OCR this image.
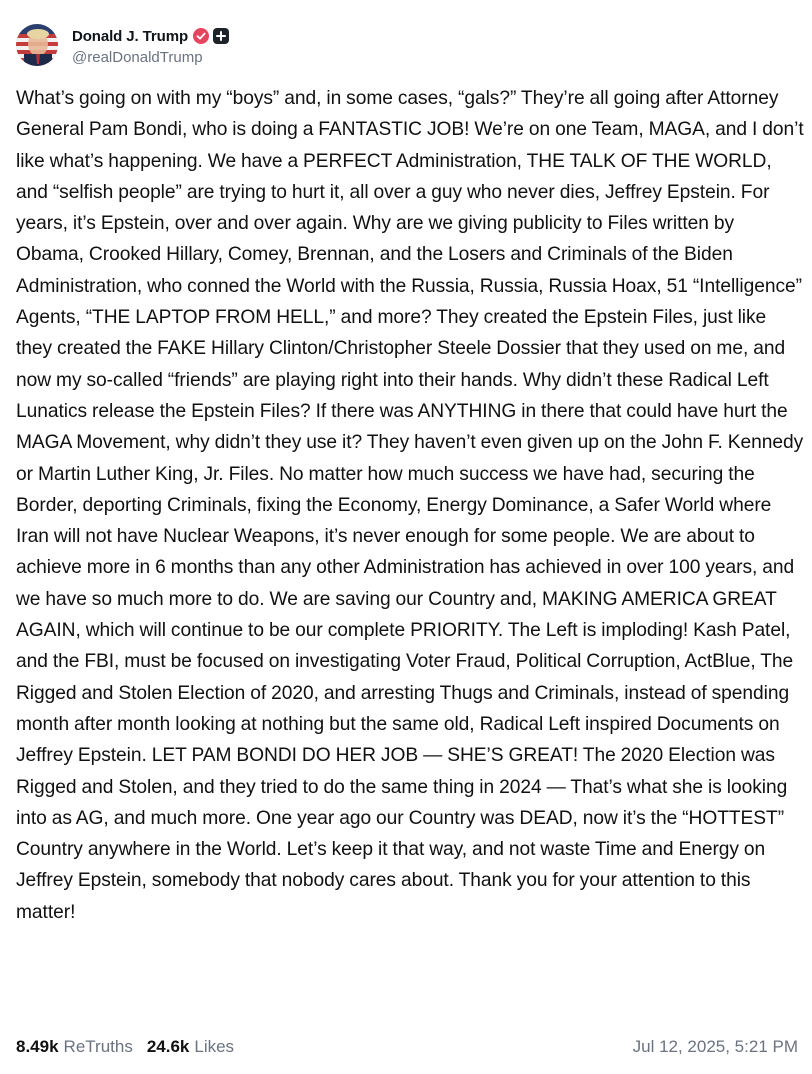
Donald J. Trump
@realDonaldTrump

What’s going on with my “boys” and, in some cases, “gals?” They’re all going after Attorney General Pam Bondi, who is doing a FANTASTIC JOB! We’re on one Team, MAGA, and I don’t like what’s happening. We have a PERFECT Administration, THE TALK OF THE WORLD, and “selfish people” are trying to hurt it, all over a guy who never dies, Jeffrey Epstein. For years, it’s Epstein, over and over again. Why are we giving publicity to Files written by Obama, Crooked Hillary, Comey, Brennan, and the Losers and Criminals of the Biden Administration, who conned the World with the Russia, Russia, Russia Hoax, 51 “Intelligence” Agents, “THE LAPTOP FROM HELL,” and more? They created the Epstein Files, just like they created the FAKE Hillary Clinton/Christopher Steele Dossier that they used on me, and now my so-called “friends” are playing right into their hands. Why didn’t these Radical Left Lunatics release the Epstein Files? If there was ANYTHING in there that could have hurt the MAGA Movement, why didn’t they use it? They haven’t even given up on the John F. Kennedy or Martin Luther King, Jr. Files. No matter how much success we have had, securing the Border, deporting Criminals, fixing the Economy, Energy Dominance, a Safer World where Iran will not have Nuclear Weapons, it’s never enough for some people. We are about to achieve more in 6 months than any other Administration has achieved in over 100 years, and we have so much more to do. We are saving our Country and, MAKING AMERICA GREAT AGAIN, which will continue to be our complete PRIORITY. The Left is imploding! Kash Patel, and the FBI, must be focused on investigating Voter Fraud, Political Corruption, ActBlue, The Rigged and Stolen Election of 2020, and arresting Thugs and Criminals, instead of spending month after month looking at nothing but the same old, Radical Left inspired Documents on Jeffrey Epstein. LET PAM BONDI DO HER JOB — SHE’S GREAT! The 2020 Election was Rigged and Stolen, and they tried to do the same thing in 2024 — That’s what she is looking into as AG, and much more. One year ago our Country was DEAD, now it’s the “HOTTEST” Country anywhere in the World. Let’s keep it that way, and not waste Time and Energy on Jeffrey Epstein, somebody that nobody cares about. Thank you for your attention to this matter!

8.49k ReTruths 24.6k Likes	Jul 12, 2025, 5:21 PM
